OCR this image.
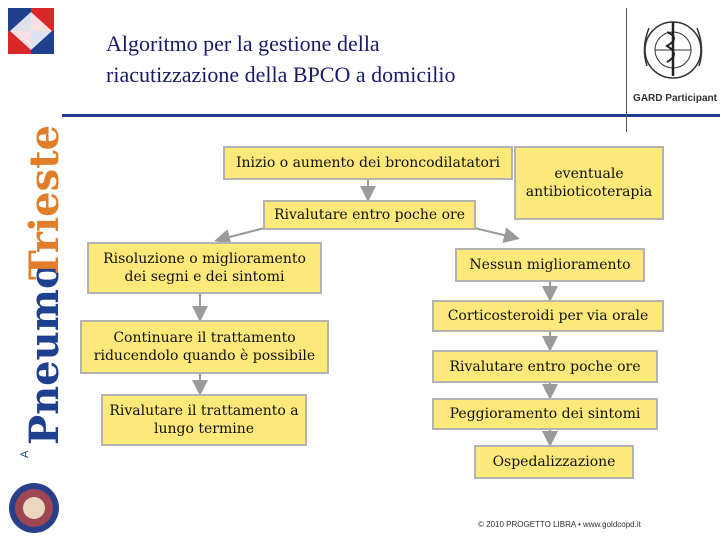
Pneumo
Trieste
A
Algoritmo per la gestione della
riacutizzazione della BPCO a domicilio
GARD Participant
Inizio o aumento dei broncodilatatori
eventuale antibioticoterapia
Rivalutare entro poche ore
Risoluzione o miglioramento dei segni e dei sintomi
Nessun miglioramento
Corticosteroidi per via orale
Continuare il trattamento riducendolo quando è possibile
Rivalutare entro poche ore
Rivalutare il trattamento a lungo termine
Peggioramento dei sintomi
Ospedalizzazione
© 2010 PROGETTO LIBRA • www.goldcopd.it
